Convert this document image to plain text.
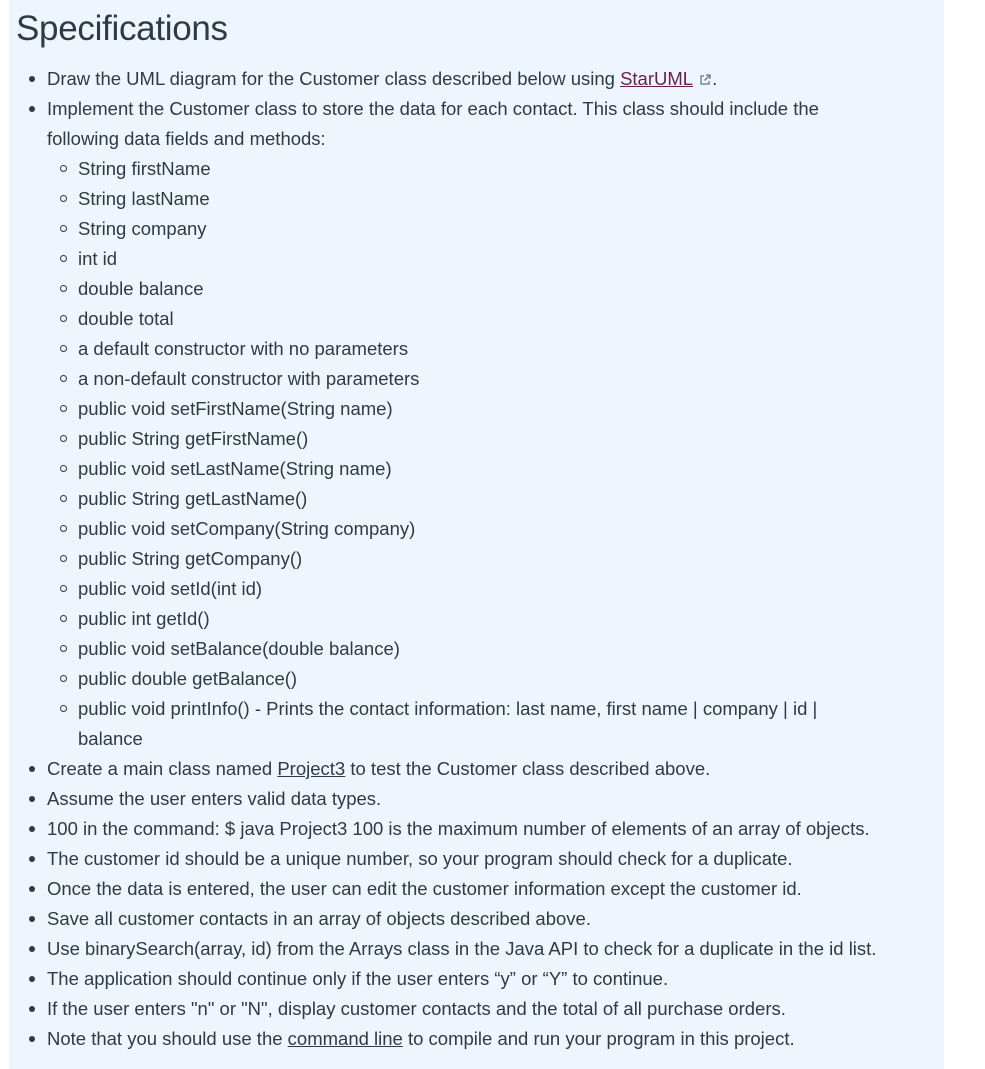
Specifications
Draw the UML diagram for the Customer class described below using StarUML .
Implement the Customer class to store the data for each contact. This class should include the
following data fields and methods:
String firstName
String lastName
String company
int id
double balance
double total
a default constructor with no parameters
a non-default constructor with parameters
public void setFirstName(String name)
public String getFirstName()
public void setLastName(String name)
public String getLastName()
public void setCompany(String company)
public String getCompany()
public void setId(int id)
public int getId()
public void setBalance(double balance)
public double getBalance()
public void printInfo() - Prints the contact information: last name, first name | company | id |
balance
Create a main class named Project3 to test the Customer class described above.
Assume the user enters valid data types.
100 in the command: $ java Project3 100 is the maximum number of elements of an array of objects.
The customer id should be a unique number, so your program should check for a duplicate.
Once the data is entered, the user can edit the customer information except the customer id.
Save all customer contacts in an array of objects described above.
Use binarySearch(array, id) from the Arrays class in the Java API to check for a duplicate in the id list.
The application should continue only if the user enters “y” or “Y” to continue.
If the user enters "n" or "N", display customer contacts and the total of all purchase orders.
Note that you should use the command line to compile and run your program in this project.
